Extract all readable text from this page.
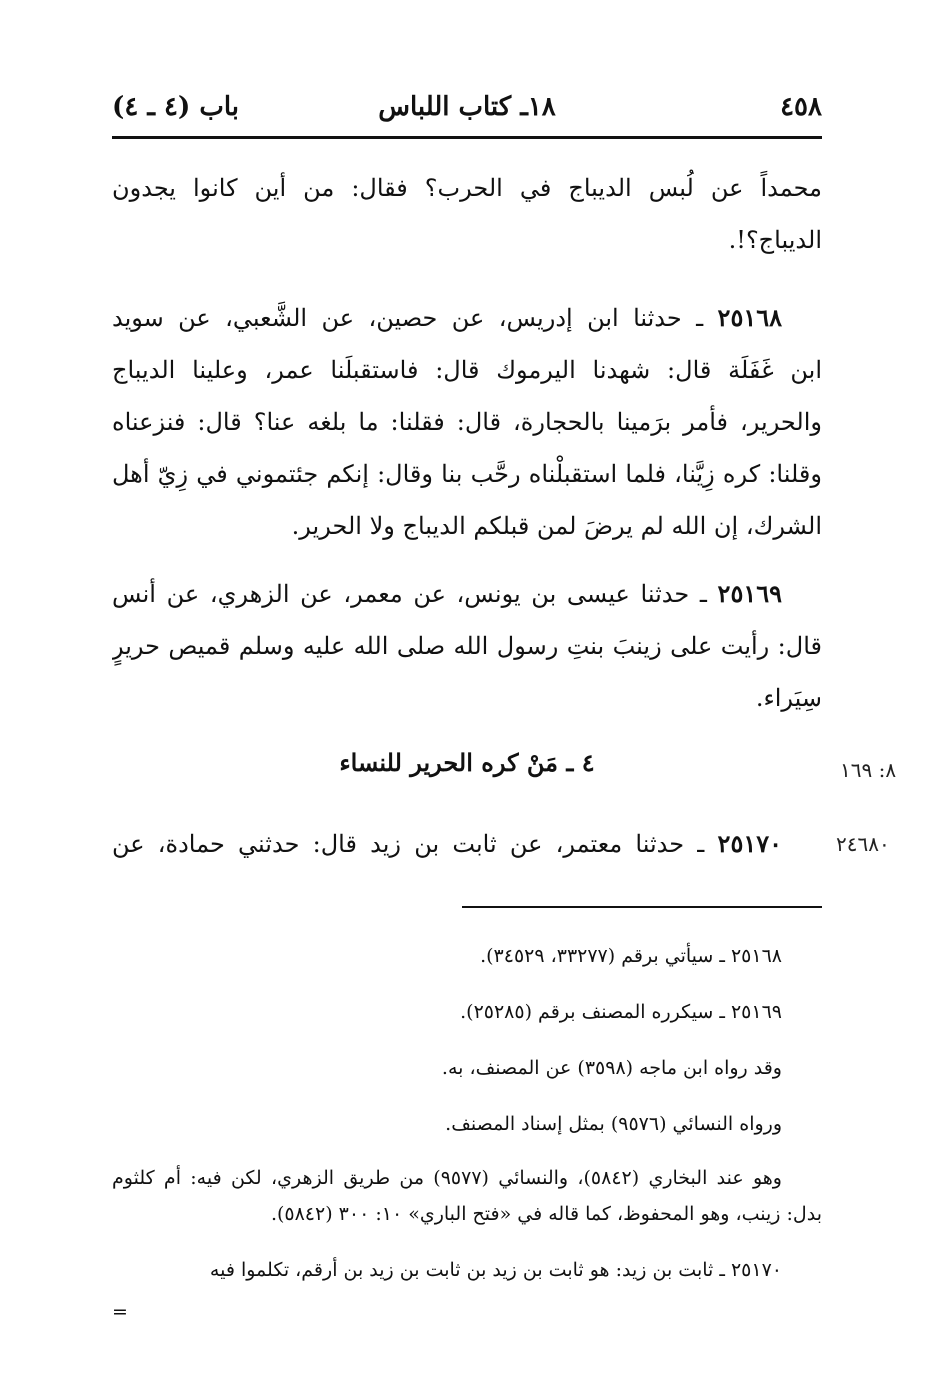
٤٥٨
١٨ـ كتاب اللباس
باب (٤ ـ ٤)
محمداً عن لُبس الديباج في الحرب؟ فقال: من أين كانوا يجدون
الديباج؟!.
٢٥١٦٨ ـ حدثنا ابن إدريس، عن حصين، عن الشَّعبي، عن سويد
ابن غَفَلَة قال: شهدنا اليرموك قال: فاستقبلَنا عمر، وعلينا الديباج
والحرير، فأمر برَمينا بالحجارة، قال: فقلنا: ما بلغه عنا؟ قال: فنزعناه
وقلنا: كره زِيَّنا، فلما استقبلْناه رحَّب بنا وقال: إنكم جئتموني في زِيّ أهل
الشرك، إن الله لم يرضَ لمن قبلكم الديباج ولا الحرير.
٢٥١٦٩ ـ حدثنا عيسى بن يونس، عن معمر، عن الزهري، عن أنس
قال: رأيت على زينبَ بنتِ رسول الله صلى الله عليه وسلم قميص حريرٍ
سِيَراء.
٤ ـ مَنْ كره الحرير للنساء	٨: ١٦٩
٢٥١٧٠ ـ حدثنا معتمر، عن ثابت بن زيد قال: حدثني حمادة، عن	٢٤٦٨٠
٢٥١٦٨ ـ سيأتي برقم (٣٣٢٧٧، ٣٤٥٢٩).
٢٥١٦٩ ـ سيكرره المصنف برقم (٢٥٢٨٥).
وقد رواه ابن ماجه (٣٥٩٨) عن المصنف، به.
ورواه النسائي (٩٥٧٦) بمثل إسناد المصنف.
وهو عند البخاري (٥٨٤٢)، والنسائي (٩٥٧٧) من طريق الزهري، لكن فيه: أم كلثوم بدل: زينب، وهو المحفوظ، كما قاله في «فتح الباري» ١٠: ٣٠٠ (٥٨٤٢).
٢٥١٧٠ ـ ثابت بن زيد: هو ثابت بن زيد بن ثابت بن زيد بن أرقم، تكلموا فيه
=
